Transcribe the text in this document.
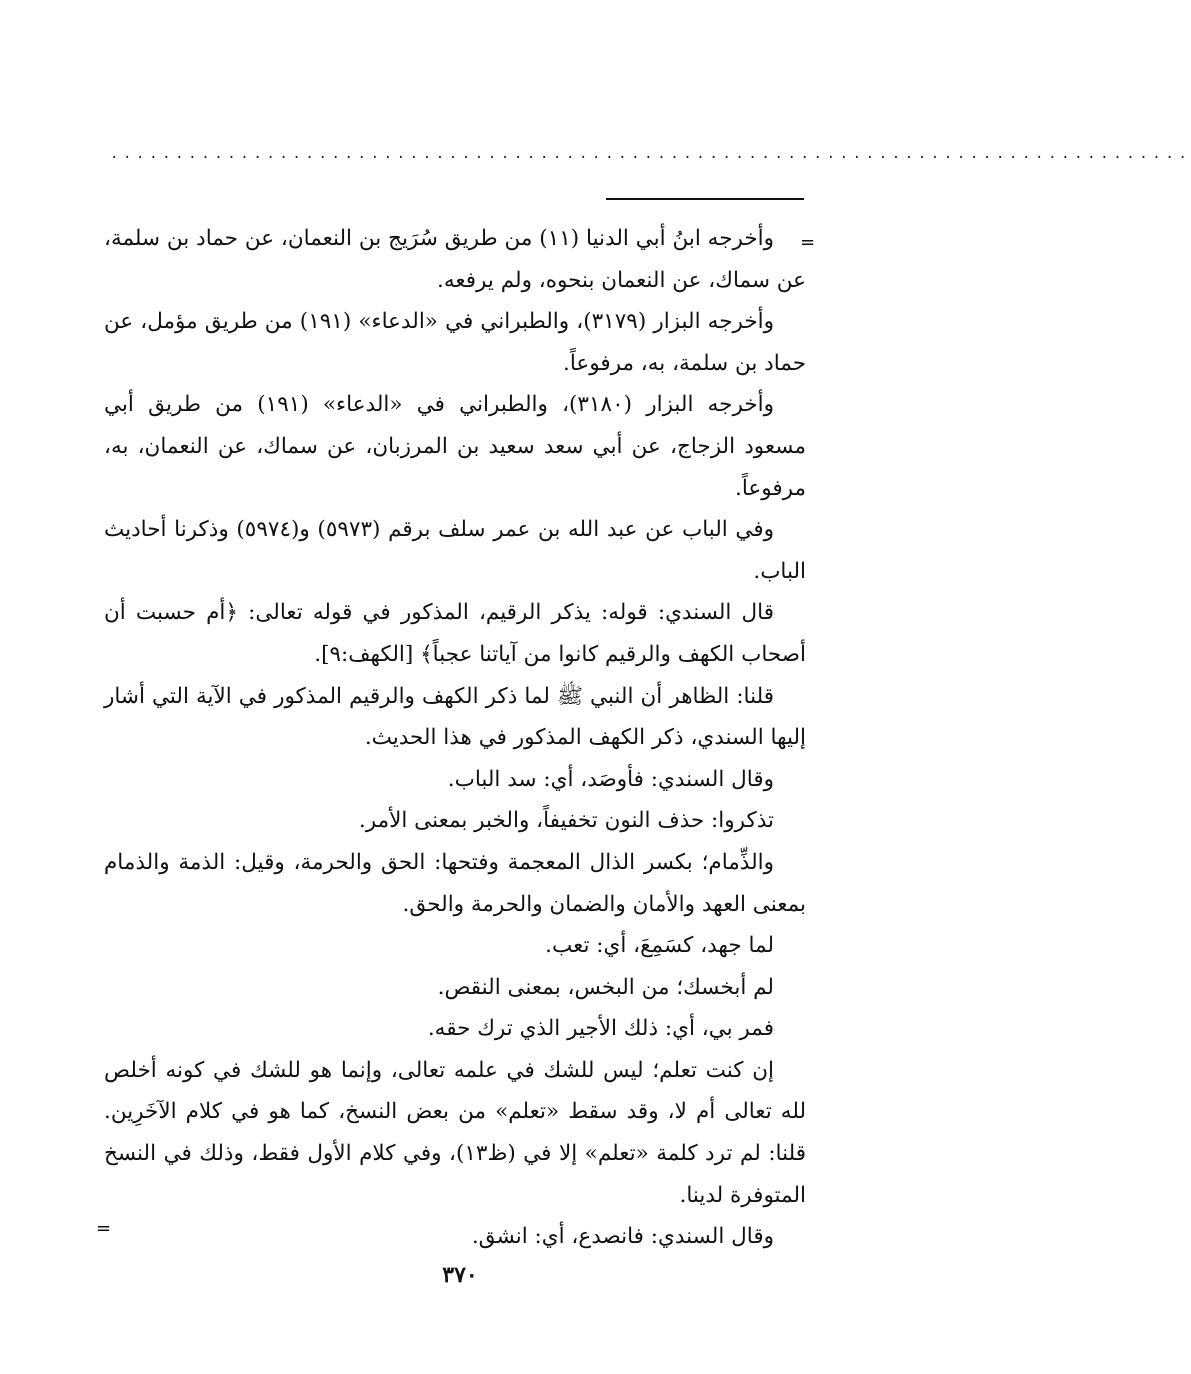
...................................................................................
=

وأخرجه ابنُ أبي الدنيا (١١) من طريق سُرَيج بن النعمان، عن حماد بن سلمة، عن سماك، عن النعمان بنحوه، ولم يرفعه.

وأخرجه البزار (٣١٧٩)، والطبراني في «الدعاء» (١٩١) من طريق مؤمل، عن حماد بن سلمة، به، مرفوعاً.

وأخرجه البزار (٣١٨٠)، والطبراني في «الدعاء» (١٩١) من طريق أبي مسعود الزجاج، عن أبي سعد سعيد بن المرزبان، عن سماك، عن النعمان، به، مرفوعاً.

وفي الباب عن عبد الله بن عمر سلف برقم (٥٩٧٣) و(٥٩٧٤) وذكرنا أحاديث الباب.

قال السندي: قوله: يذكر الرقيم، المذكور في قوله تعالى: ﴿أم حسبت أن أصحاب الكهف والرقيم كانوا من آياتنا عجباً﴾ [الكهف:٩].

قلنا: الظاهر أن النبي ﷺ لما ذكر الكهف والرقيم المذكور في الآية التي أشار إليها السندي، ذكر الكهف المذكور في هذا الحديث.

وقال السندي: فأوصَد، أي: سد الباب.

تذكروا: حذف النون تخفيفاً، والخبر بمعنى الأمر.

والذِّمام؛ بكسر الذال المعجمة وفتحها: الحق والحرمة، وقيل: الذمة والذمام بمعنى العهد والأمان والضمان والحرمة والحق.

لما جهد، كسَمِعَ، أي: تعب.

لم أبخسك؛ من البخس، بمعنى النقص.

فمر بي، أي: ذلك الأجير الذي ترك حقه.

إن كنت تعلم؛ ليس للشك في علمه تعالى، وإنما هو للشك في كونه أخلص لله تعالى أم لا، وقد سقط «تعلم» من بعض النسخ، كما هو في كلام الآخَرِين. قلنا: لم ترد كلمة «تعلم» إلا في (ظ١٣)، وفي كلام الأول فقط، وذلك في النسخ المتوفرة لدينا.

وقال السندي: فانصدع، أي: انشق.

=
٣٧٠
